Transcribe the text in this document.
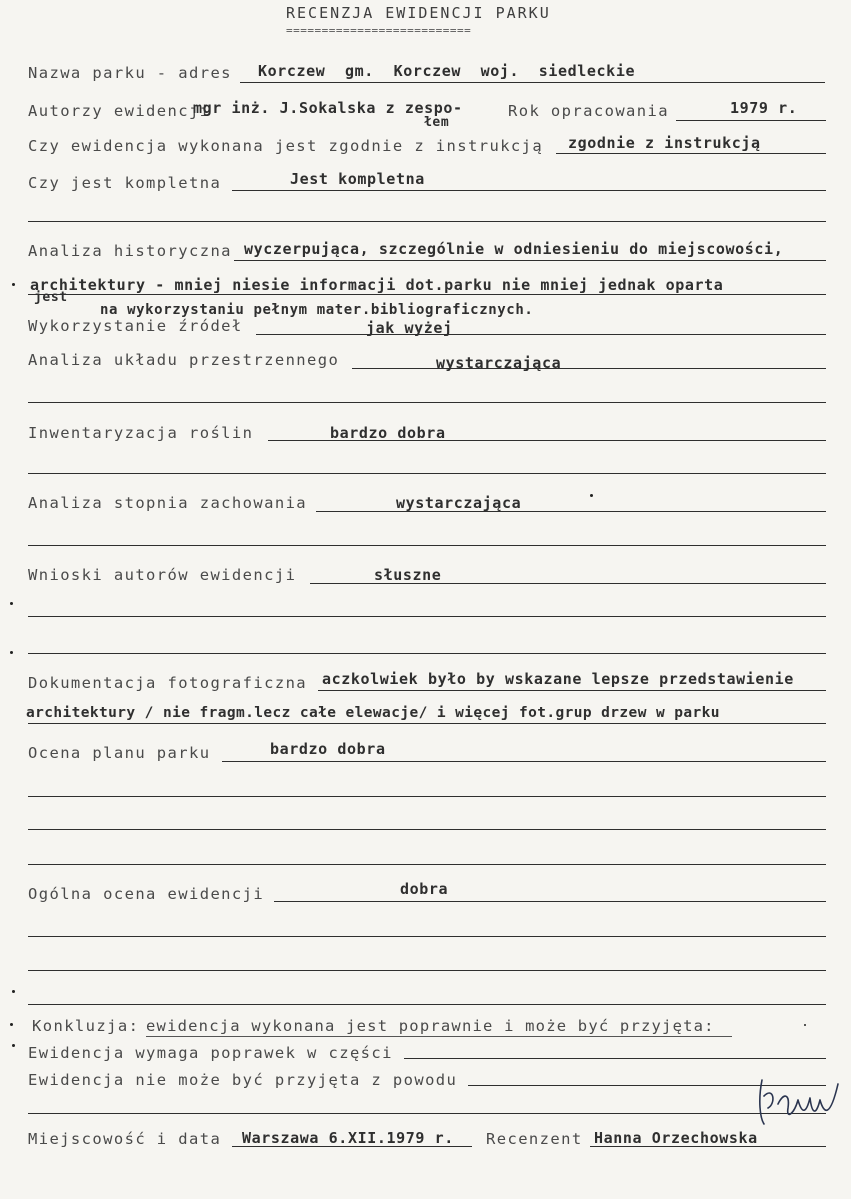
RECENZJA EWIDENCJI PARKU
==========================
Nazwa parku - adres Korczew gm. Korczew woj. siedleckie
Autorzy ewidencji
mgr inż. J.Sokalska z zespo-
łem
Rok opracowania	1979 r.
Czy ewidencja wykonana jest zgodnie z instrukcją zgodnie z instrukcją
Czy jest kompletna	Jest kompletna
Analiza historyczna wyczerpująca, szczególnie w odniesieniu do miejscowości,
architektury - mniej niesie informacji dot.parku nie mniej jednak oparta
jest
na wykorzystaniu pełnym mater.bibliograficznych.
Wykorzystanie źródeł	jak wyżej
Analiza układu przestrzennego	wystarczająca
Inwentaryzacja roślin	bardzo dobra
Analiza stopnia zachowania	wystarczająca
Wnioski autorów ewidencji	słuszne
Dokumentacja fotograficzna aczkolwiek było by wskazane lepsze przedstawienie
architektury / nie fragm.lecz całe elewacje/ i więcej fot.grup drzew w parku
Ocena planu parku	bardzo dobra
Ogólna ocena ewidencji	dobra
Konkluzja: ewidencja wykonana jest poprawnie i może być przyjęta:
Ewidencja wymaga poprawek w części
Ewidencja nie może być przyjęta z powodu
Miejscowość i data Warszawa 6.XII.1979 r. Recenzent Hanna Orzechowska
